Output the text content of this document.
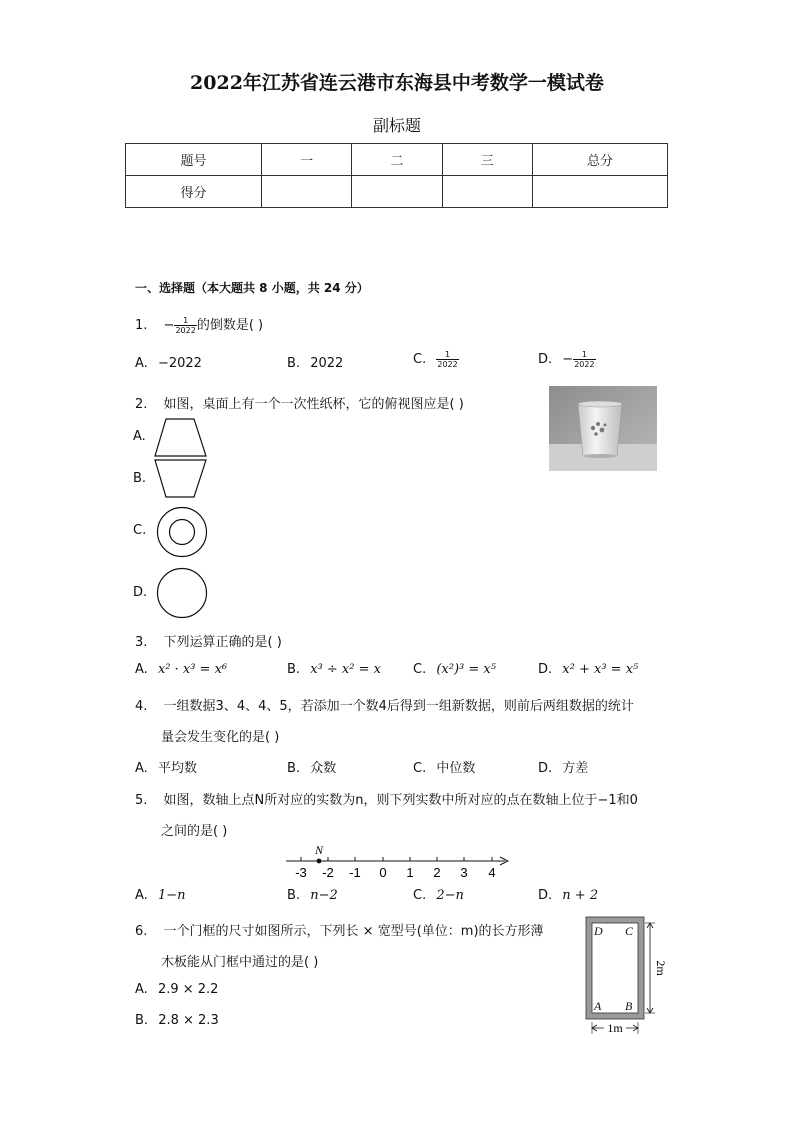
2022年江苏省连云港市东海县中考数学一模试卷
副标题
题号	一	二	三	总分
得分				
一、选择题（本大题共 8 小题，共 24 分）
1. − $\frac{1}{2022}$ 的倒数是( )
A. −2022	B. 2022	C. $\frac{1}{2022}$	D. − $\frac{1}{2022}$
2. 如图，桌面上有一个一次性纸杯，它的俯视图应是( )
A.
B.
C.
D.
3. 下列运算正确的是( )
A. x² · x³ = x⁶	B. x³ ÷ x² = x C. (x²)³ = x⁵	D. x² + x³ = x⁵
4. 一组数据3、4、4、5，若添加一个数4后得到一组新数据，则前后两组数据的统计
量会发生变化的是( )
A. 平均数	B. 众数	C. 中位数	D. 方差
5. 如图，数轴上点N所对应的实数为n，则下列实数中所对应的点在数轴上位于−1和0
之间的是( )
N
-3 -2 -1 0 1 2 3 4
A. 1−n	B. n−2	C. 2−n	D. n + 2
6. 一个门框的尺寸如图所示，下列长 × 宽型号(单位：m)的长方形薄
木板能从门框中通过的是( )
D C
A B
2m
1m
A. 2.9 × 2.2
B. 2.8 × 2.3
